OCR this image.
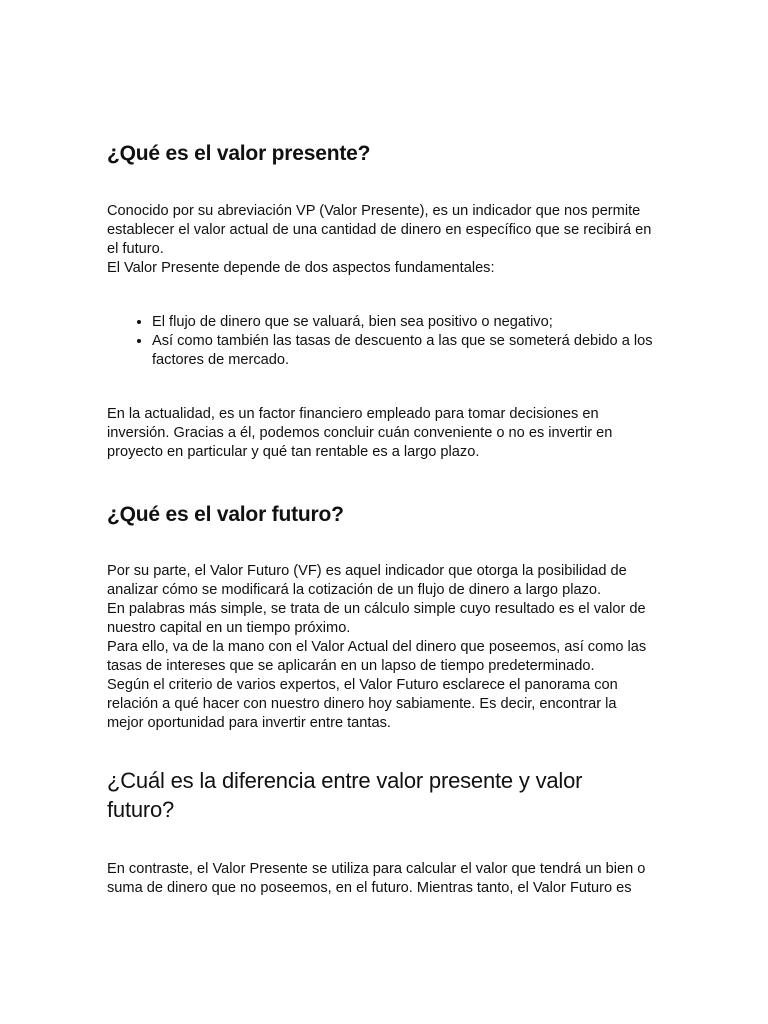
¿Qué es el valor presente?

Conocido por su abreviación VP (Valor Presente), es un indicador que nos permite establecer el valor actual de una cantidad de dinero en específico que se recibirá en el futuro.

El Valor Presente depende de dos aspectos fundamentales:

• El flujo de dinero que se valuará, bien sea positivo o negativo;
• Así como también las tasas de descuento a las que se someterá debido a los factores de mercado.

En la actualidad, es un factor financiero empleado para tomar decisiones en inversión. Gracias a él, podemos concluir cuán conveniente o no es invertir en proyecto en particular y qué tan rentable es a largo plazo.

¿Qué es el valor futuro?

Por su parte, el Valor Futuro (VF) es aquel indicador que otorga la posibilidad de analizar cómo se modificará la cotización de un flujo de dinero a largo plazo.

En palabras más simple, se trata de un cálculo simple cuyo resultado es el valor de nuestro capital en un tiempo próximo.

Para ello, va de la mano con el Valor Actual del dinero que poseemos, así como las tasas de intereses que se aplicarán en un lapso de tiempo predeterminado.

Según el criterio de varios expertos, el Valor Futuro esclarece el panorama con relación a qué hacer con nuestro dinero hoy sabiamente. Es decir, encontrar la mejor oportunidad para invertir entre tantas.

¿Cuál es la diferencia entre valor presente y valor futuro?

En contraste, el Valor Presente se utiliza para calcular el valor que tendrá un bien o suma de dinero que no poseemos, en el futuro. Mientras tanto, el Valor Futuro es
